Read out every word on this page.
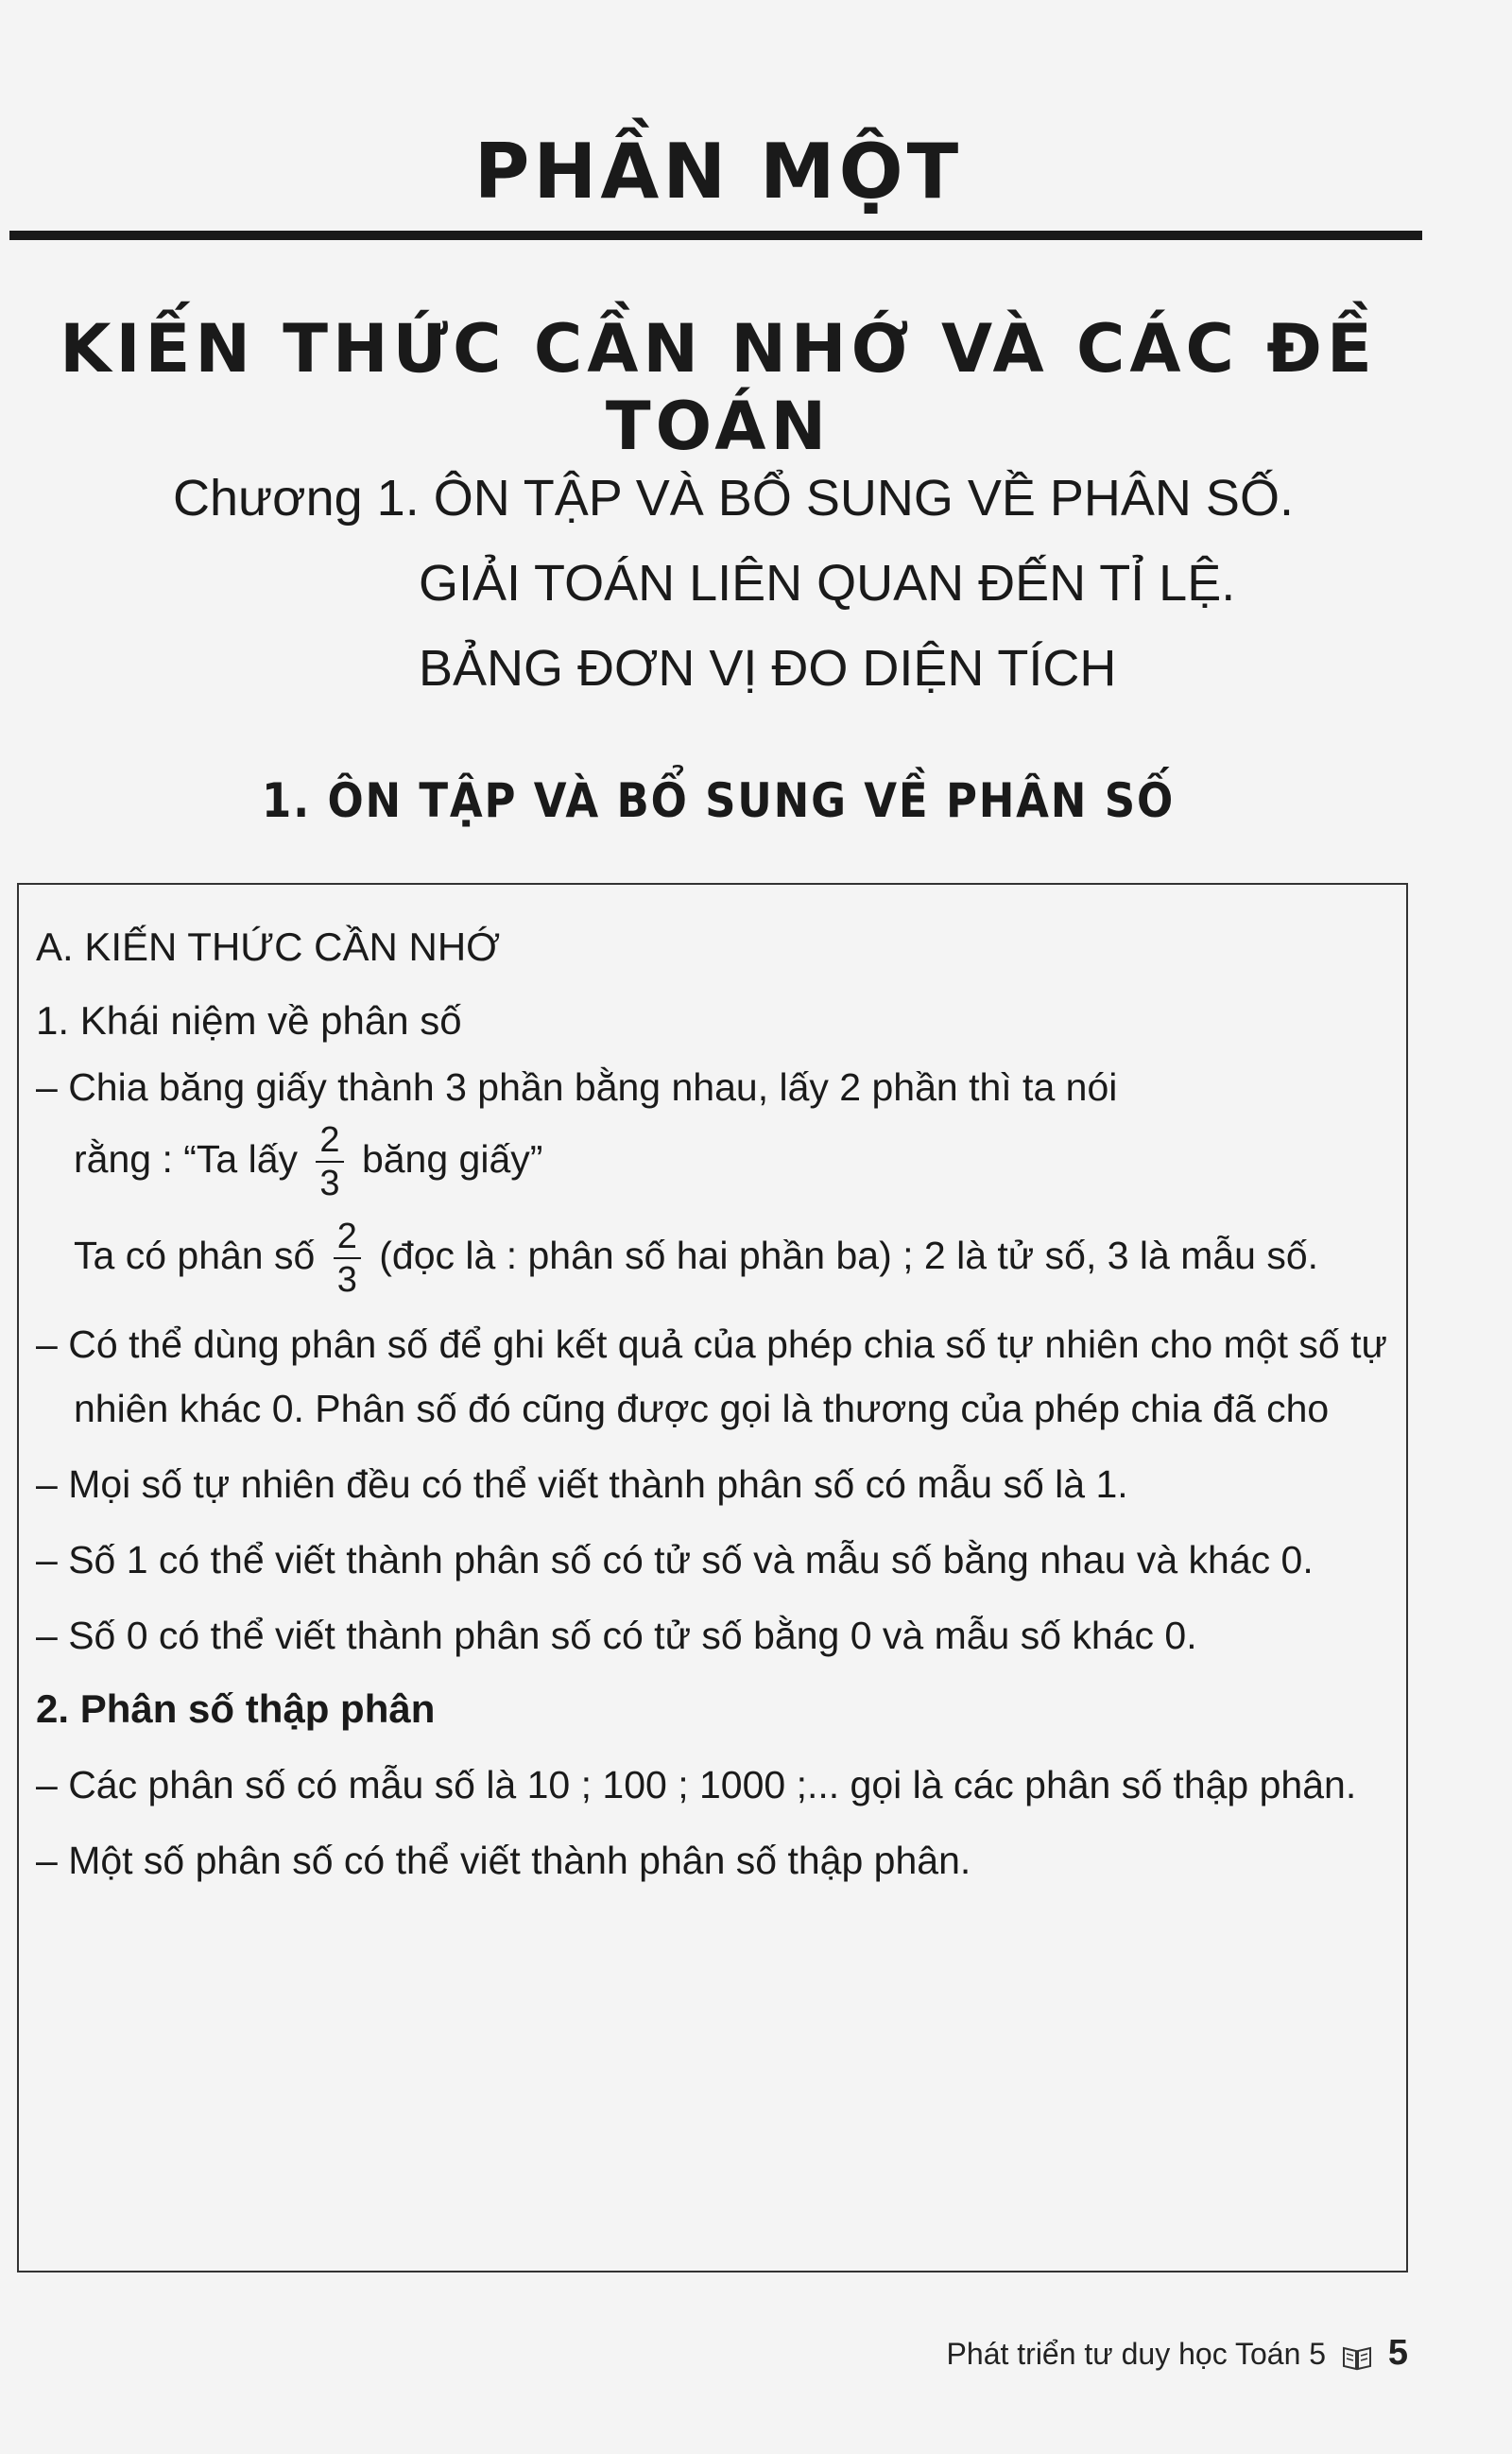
PHẦN MỘT
KIẾN THỨC CẦN NHỚ VÀ CÁC ĐỀ TOÁN
Chương 1. ÔN TẬP VÀ BỔ SUNG VỀ PHÂN SỐ.
GIẢI TOÁN LIÊN QUAN ĐẾN TỈ LỆ.
BẢNG ĐƠN VỊ ĐO DIỆN TÍCH
1. ÔN TẬP VÀ BỔ SUNG VỀ PHÂN SỐ
A. KIẾN THỨC CẦN NHỚ
1. Khái niệm về phân số
– Chia băng giấy thành 3 phần bằng nhau, lấy 2 phần thì ta nói
rằng : “Ta lấy $\frac{2}{3}$ băng giấy”
Ta có phân số $\frac{2}{3}$ (đọc là : phân số hai phần ba) ; 2 là tử số, 3 là mẫu số.
– Có thể dùng phân số để ghi kết quả của phép chia số tự nhiên cho một số tự nhiên khác 0. Phân số đó cũng được gọi là thương của phép chia đã cho
– Mọi số tự nhiên đều có thể viết thành phân số có mẫu số là 1.
– Số 1 có thể viết thành phân số có tử số và mẫu số bằng nhau và khác 0.
– Số 0 có thể viết thành phân số có tử số bằng 0 và mẫu số khác 0.
2. Phân số thập phân
– Các phân số có mẫu số là 10 ; 100 ; 1000 ;... gọi là các phân số thập phân.
– Một số phân số có thể viết thành phân số thập phân.
Phát triển tư duy học Toán 5 5
